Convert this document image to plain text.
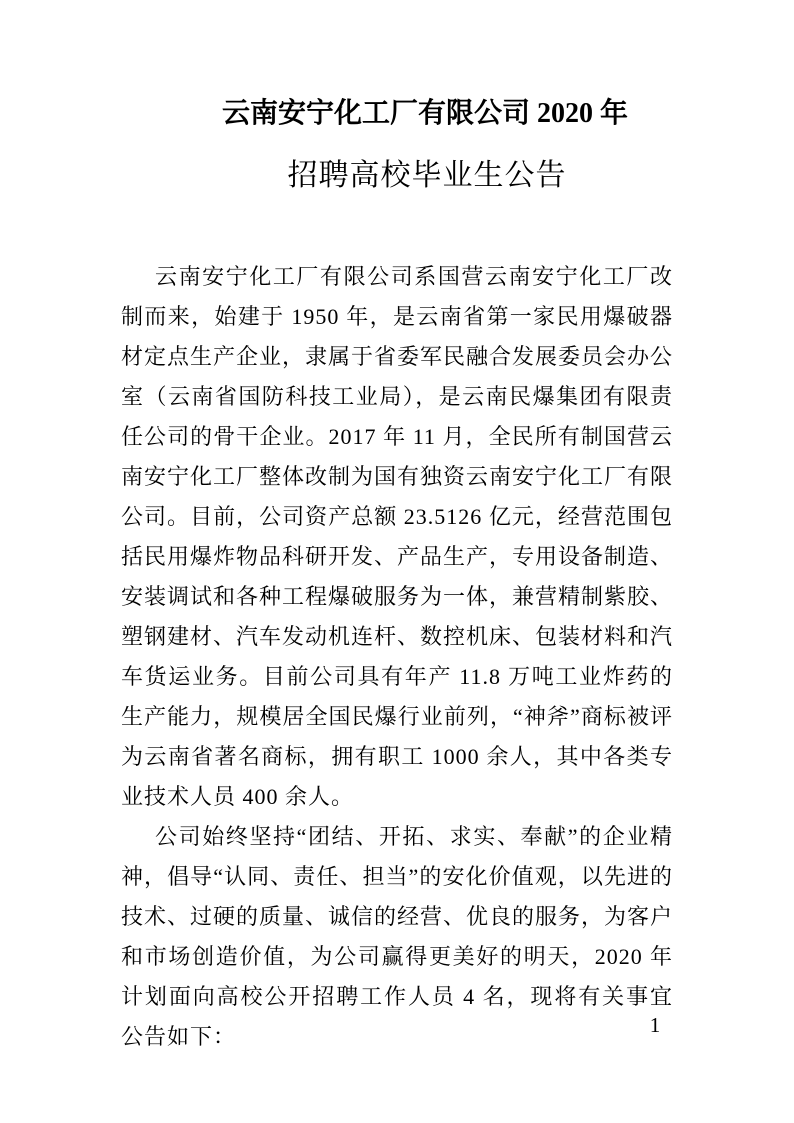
云南安宁化工厂有限公司 2020 年
招聘高校毕业生公告

云南安宁化工厂有限公司系国营云南安宁化工厂改制而来，始建于 1950 年，是云南省第一家民用爆破器材定点生产企业，隶属于省委军民融合发展委员会办公室（云南省国防科技工业局），是云南民爆集团有限责任公司的骨干企业。2017 年 11 月，全民所有制国营云南安宁化工厂整体改制为国有独资云南安宁化工厂有限公司。目前，公司资产总额 23.5126 亿元，经营范围包括民用爆炸物品科研开发、产品生产，专用设备制造、安装调试和各种工程爆破服务为一体，兼营精制紫胶、塑钢建材、汽车发动机连杆、数控机床、包装材料和汽车货运业务。目前公司具有年产 11.8 万吨工业炸药的生产能力，规模居全国民爆行业前列，“神斧”商标被评为云南省著名商标，拥有职工 1000 余人，其中各类专业技术人员 400 余人。

公司始终坚持“团结、开拓、求实、奉献”的企业精神，倡导“认同、责任、担当”的安化价值观，以先进的技术、过硬的质量、诚信的经营、优良的服务，为客户和市场创造价值，为公司赢得更美好的明天，2020 年计划面向高校公开招聘工作人员 4 名，现将有关事宜公告如下：	1
